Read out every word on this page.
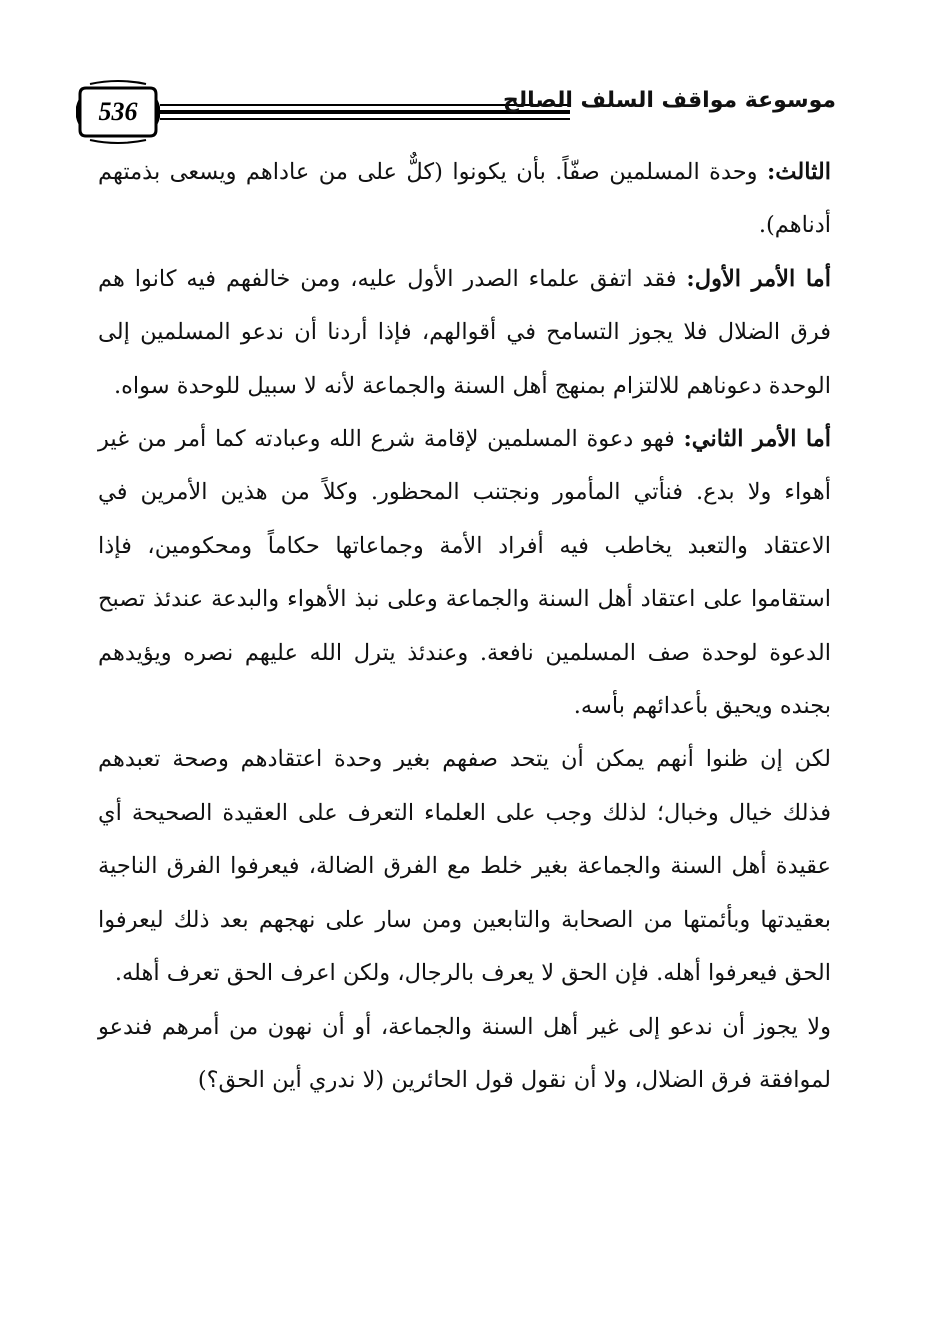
536	موسوعة مواقف السلف الصالح

الثالث: وحدة المسلمين صفّاً. بأن يكونوا (كلٌّ على من عاداهم ويسعى بذمتهم أدناهم).

أما الأمر الأول: فقد اتفق علماء الصدر الأول عليه، ومن خالفهم فيه كانوا هم فرق الضلال فلا يجوز التسامح في أقوالهم، فإذا أردنا أن ندعو المسلمين إلى الوحدة دعوناهم للالتزام بمنهج أهل السنة والجماعة لأنه لا سبيل للوحدة سواه.

أما الأمر الثاني: فهو دعوة المسلمين لإقامة شرع الله وعبادته كما أمر من غير أهواء ولا بدع. فنأتي المأمور ونجتنب المحظور. وكلاً من هذين الأمرين في الاعتقاد والتعبد يخاطب فيه أفراد الأمة وجماعاتها حكاماً ومحكومين، فإذا استقاموا على اعتقاد أهل السنة والجماعة وعلى نبذ الأهواء والبدعة عندئذ تصبح الدعوة لوحدة صف المسلمين نافعة. وعندئذ يترل الله عليهم نصره ويؤيدهم بجنده ويحيق بأعدائهم بأسه.

لكن إن ظنوا أنهم يمكن أن يتحد صفهم بغير وحدة اعتقادهم وصحة تعبدهم فذلك خيال وخبال؛ لذلك وجب على العلماء التعرف على العقيدة الصحيحة أي عقيدة أهل السنة والجماعة بغير خلط مع الفرق الضالة، فيعرفوا الفرق الناجية بعقيدتها وبأئمتها من الصحابة والتابعين ومن سار على نهجهم بعد ذلك ليعرفوا الحق فيعرفوا أهله. فإن الحق لا يعرف بالرجال، ولكن اعرف الحق تعرف أهله.

ولا يجوز أن ندعو إلى غير أهل السنة والجماعة، أو أن نهون من أمرهم فندعو لموافقة فرق الضلال، ولا أن نقول قول الحائرين (لا ندري أين الحق؟)
